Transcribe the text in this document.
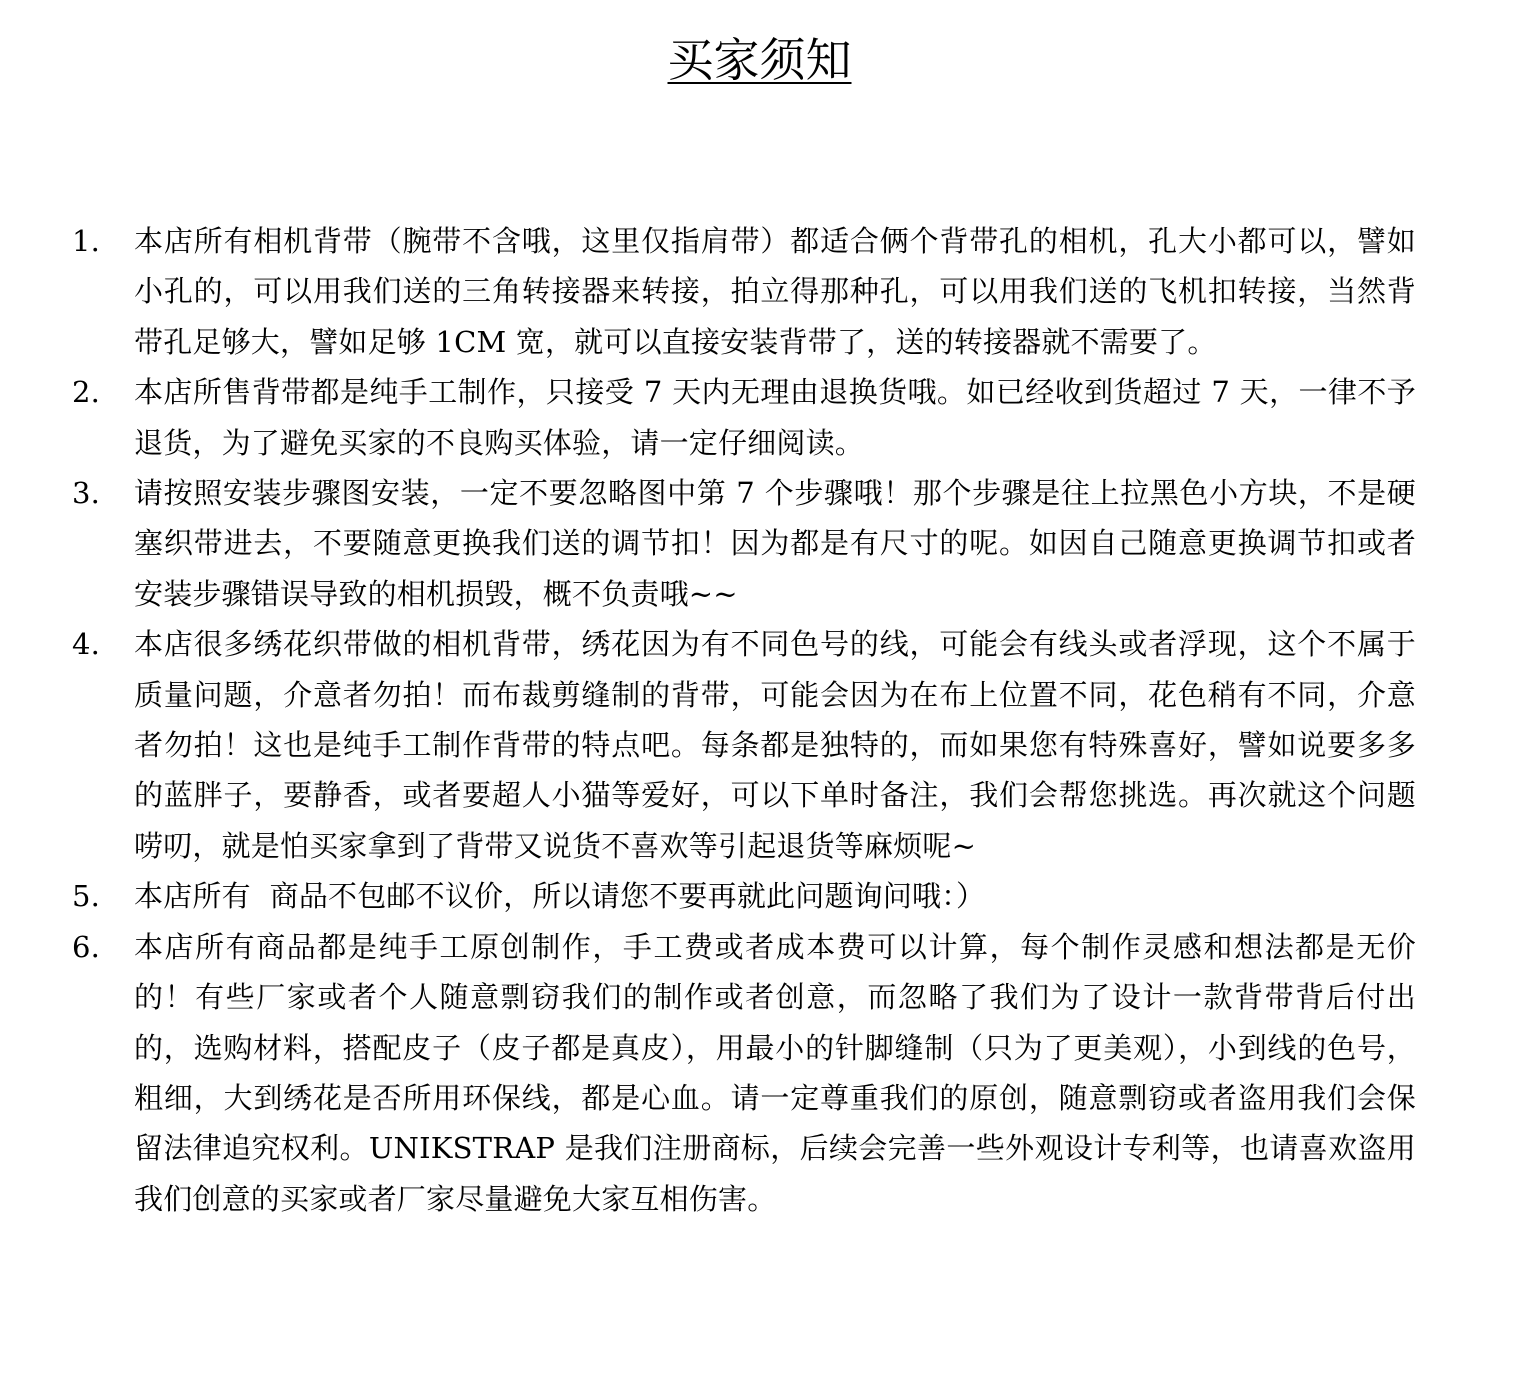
买家须知
1.	本店所有相机背带（腕带不含哦，这里仅指肩带）都适合俩个背带孔的相机，孔大小都可以，譬如小孔的，可以用我们送的三角转接器来转接，拍立得那种孔，可以用我们送的飞机扣转接，当然背带孔足够大，譬如足够 1CM 宽，就可以直接安装背带了，送的转接器就不需要了。
2.	本店所售背带都是纯手工制作，只接受 7 天内无理由退换货哦。如已经收到货超过 7 天，一律不予退货，为了避免买家的不良购买体验，请一定仔细阅读。
3.	请按照安装步骤图安装，一定不要忽略图中第 7 个步骤哦！那个步骤是往上拉黑色小方块，不是硬塞织带进去，不要随意更换我们送的调节扣！因为都是有尺寸的呢。如因自己随意更换调节扣或者安装步骤错误导致的相机损毁，概不负责哦~~
4.	本店很多绣花织带做的相机背带，绣花因为有不同色号的线，可能会有线头或者浮现，这个不属于质量问题，介意者勿拍！而布裁剪缝制的背带，可能会因为在布上位置不同，花色稍有不同，介意者勿拍！这也是纯手工制作背带的特点吧。每条都是独特的，而如果您有特殊喜好，譬如说要多多的蓝胖子，要静香，或者要超人小猫等爱好，可以下单时备注，我们会帮您挑选。再次就这个问题唠叨，就是怕买家拿到了背带又说货不喜欢等引起退货等麻烦呢~
5.	本店所有  商品不包邮不议价，所以请您不要再就此问题询问哦：）
6.	本店所有商品都是纯手工原创制作，手工费或者成本费可以计算，每个制作灵感和想法都是无价的！有些厂家或者个人随意剽窃我们的制作或者创意，而忽略了我们为了设计一款背带背后付出的，选购材料，搭配皮子（皮子都是真皮），用最小的针脚缝制（只为了更美观），小到线的色号，粗细，大到绣花是否所用环保线，都是心血。请一定尊重我们的原创，随意剽窃或者盗用我们会保留法律追究权利。UNIKSTRAP 是我们注册商标，后续会完善一些外观设计专利等，也请喜欢盗用我们创意的买家或者厂家尽量避免大家互相伤害。
